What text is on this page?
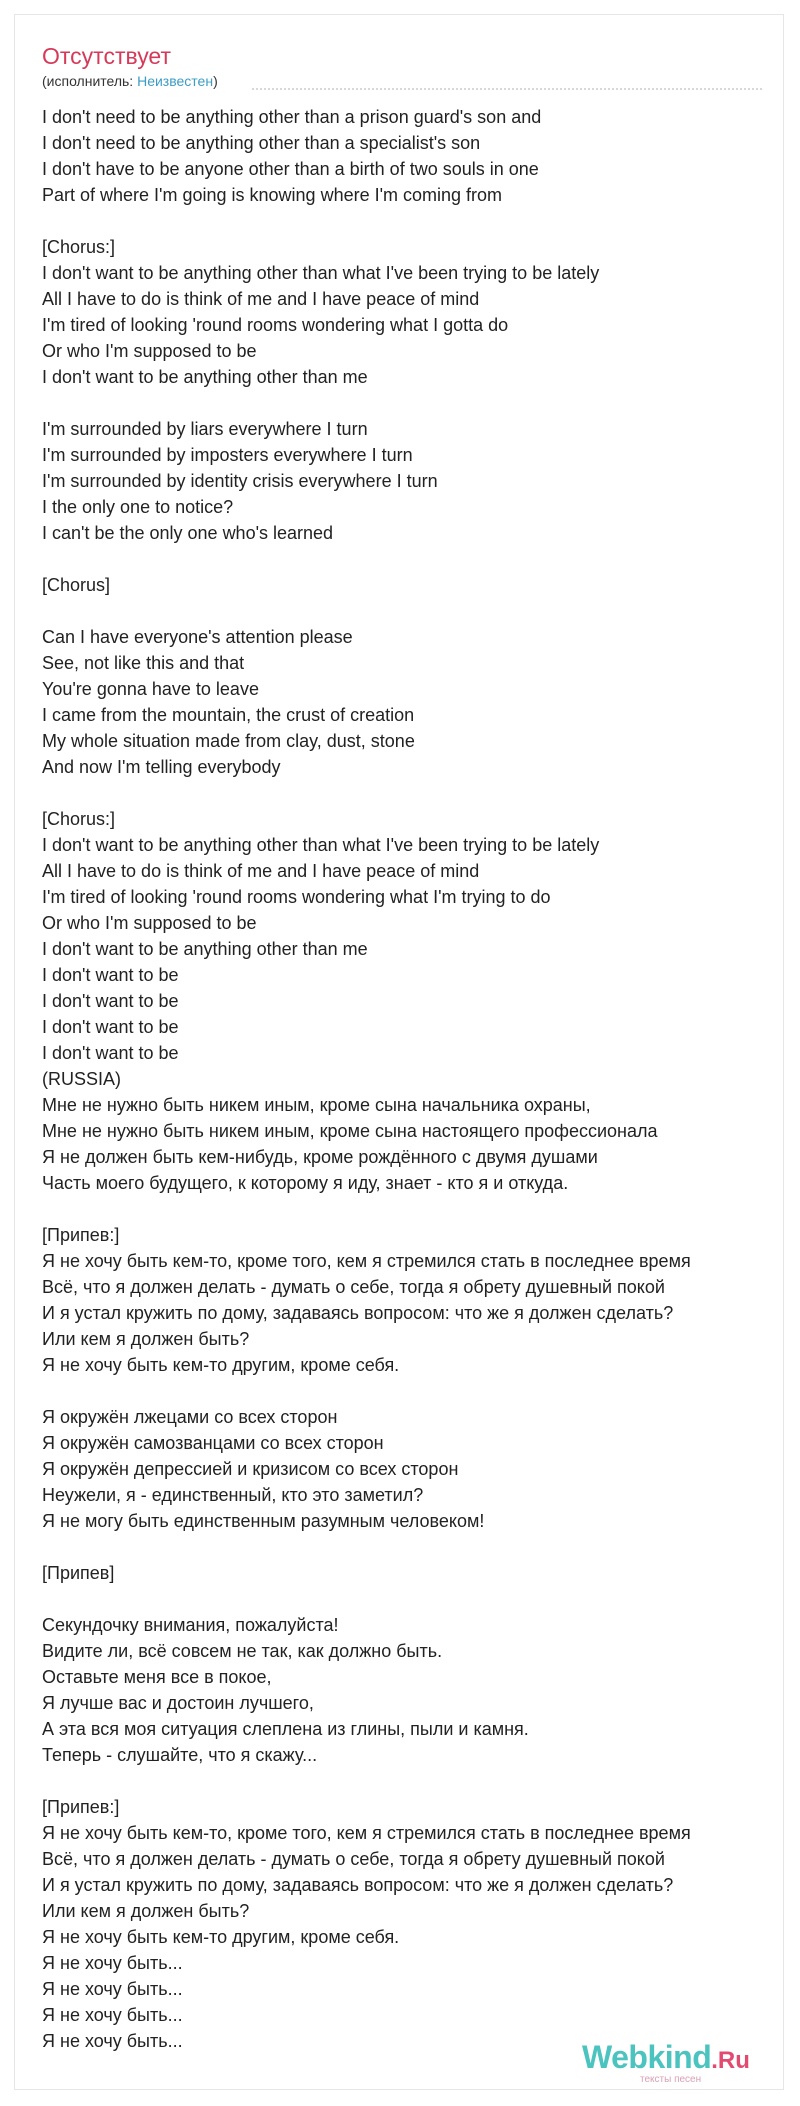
Отсутствует
(исполнитель: Неизвестен)
I don't need to be anything other than a prison guard's son and
I don't need to be anything other than a specialist's son
I don't have to be anyone other than a birth of two souls in one
Part of where I'm going is knowing where I'm coming from
[Chorus:]
I don't want to be anything other than what I've been trying to be lately
All I have to do is think of me and I have peace of mind
I'm tired of looking 'round rooms wondering what I gotta do
Or who I'm supposed to be
I don't want to be anything other than me
I'm surrounded by liars everywhere I turn
I'm surrounded by imposters everywhere I turn
I'm surrounded by identity crisis everywhere I turn
I the only one to notice?
I can't be the only one who's learned
[Chorus]
Can I have everyone's attention please
See, not like this and that
You're gonna have to leave
I came from the mountain, the crust of creation
My whole situation made from clay, dust, stone
And now I'm telling everybody
[Chorus:]
I don't want to be anything other than what I've been trying to be lately
All I have to do is think of me and I have peace of mind
I'm tired of looking 'round rooms wondering what I'm trying to do
Or who I'm supposed to be
I don't want to be anything other than me
I don't want to be
I don't want to be
I don't want to be
I don't want to be
(RUSSIA)
Мне не нужно быть никем иным, кроме сына начальника охраны,
Мне не нужно быть никем иным, кроме сына настоящего профессионала
Я не должен быть кем-нибудь, кроме рождённого с двумя душами
Часть моего будущего, к которому я иду, знает - кто я и откуда.
[Припев:]
Я не хочу быть кем-то, кроме того, кем я стремился стать в последнее время
Всё, что я должен делать - думать о себе, тогда я обрету душевный покой
И я устал кружить по дому, задаваясь вопросом: что же я должен сделать?
Или кем я должен быть?
Я не хочу быть кем-то другим, кроме себя.
Я окружён лжецами со всех сторон
Я окружён самозванцами со всех сторон
Я окружён депрессией и кризисом со всех сторон
Неужели, я - единственный, кто это заметил?
Я не могу быть единственным разумным человеком!
[Припев]
Секундочку внимания, пожалуйста!
Видите ли, всё совсем не так, как должно быть.
Оставьте меня все в покое,
Я лучше вас и достоин лучшего,
А эта вся моя ситуация слеплена из глины, пыли и камня.
Теперь - слушайте, что я скажу...
[Припев:]
Я не хочу быть кем-то, кроме того, кем я стремился стать в последнее время
Всё, что я должен делать - думать о себе, тогда я обрету душевный покой
И я устал кружить по дому, задаваясь вопросом: что же я должен сделать?
Или кем я должен быть?
Я не хочу быть кем-то другим, кроме себя.
Я не хочу быть...
Я не хочу быть...
Я не хочу быть...
Я не хочу быть...	Webkind.Ru
тексты песен
